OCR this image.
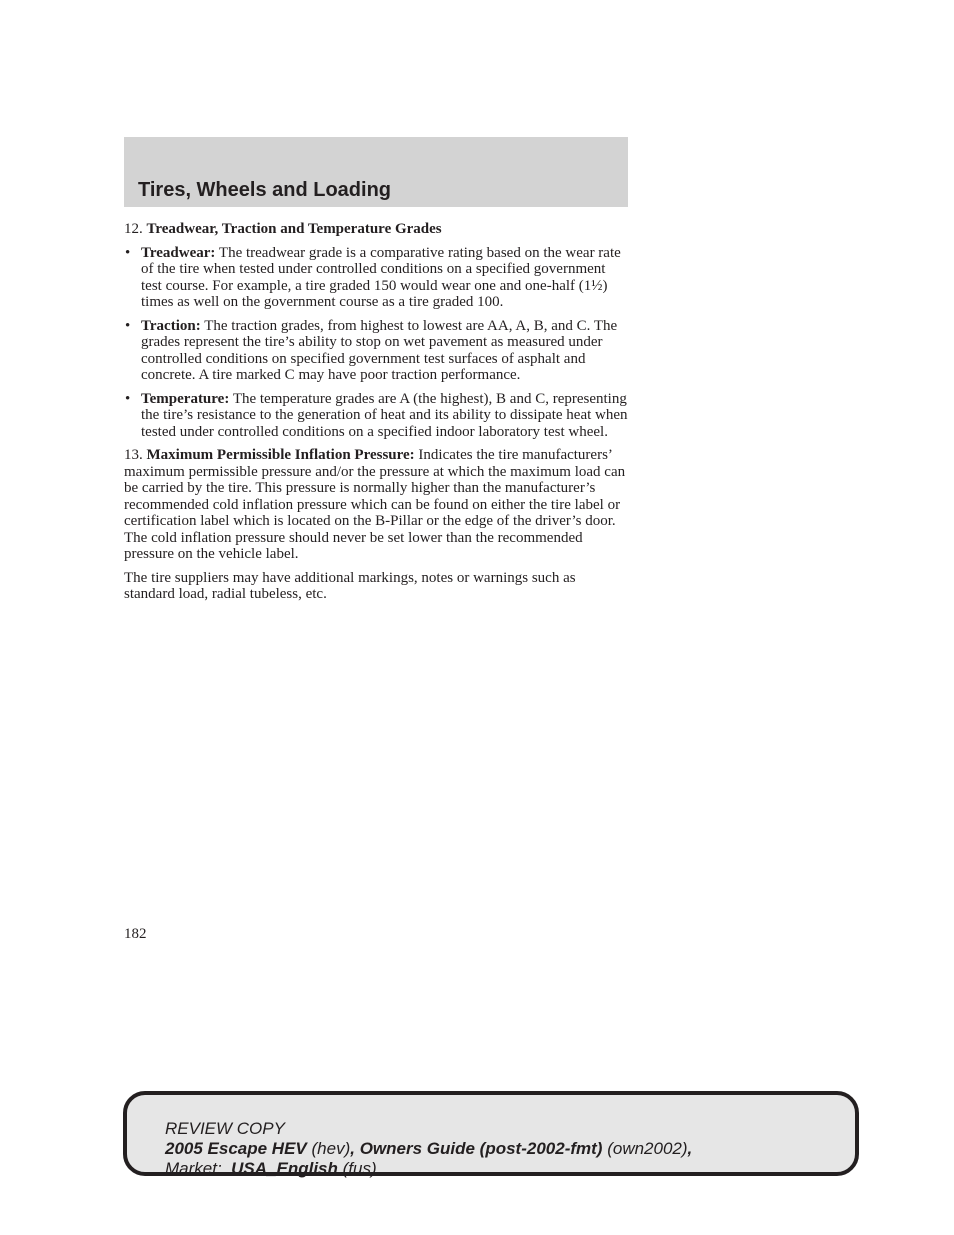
Tires, Wheels and Loading

12. Treadwear, Traction and Temperature Grades

• Treadwear: The treadwear grade is a comparative rating based on the wear rate of the tire when tested under controlled conditions on a specified government test course. For example, a tire graded 150 would wear one and one-half (1½) times as well on the government course as a tire graded 100.
• Traction: The traction grades, from highest to lowest are AA, A, B, and C. The grades represent the tire’s ability to stop on wet pavement as measured under controlled conditions on specified government test surfaces of asphalt and concrete. A tire marked C may have poor traction performance.
• Temperature: The temperature grades are A (the highest), B and C, representing the tire’s resistance to the generation of heat and its ability to dissipate heat when tested under controlled conditions on a specified indoor laboratory test wheel.

13. Maximum Permissible Inflation Pressure: Indicates the tire manufacturers’ maximum permissible pressure and/or the pressure at which the maximum load can be carried by the tire. This pressure is normally higher than the manufacturer’s recommended cold inflation pressure which can be found on either the tire label or certification label which is located on the B-Pillar or the edge of the driver’s door. The cold inflation pressure should never be set lower than the recommended pressure on the vehicle label.

The tire suppliers may have additional markings, notes or warnings such as standard load, radial tubeless, etc.

182
REVIEW COPY
2005 Escape HEV (hev), Owners Guide (post-2002-fmt) (own2002),
Market: USA_English (fus)
